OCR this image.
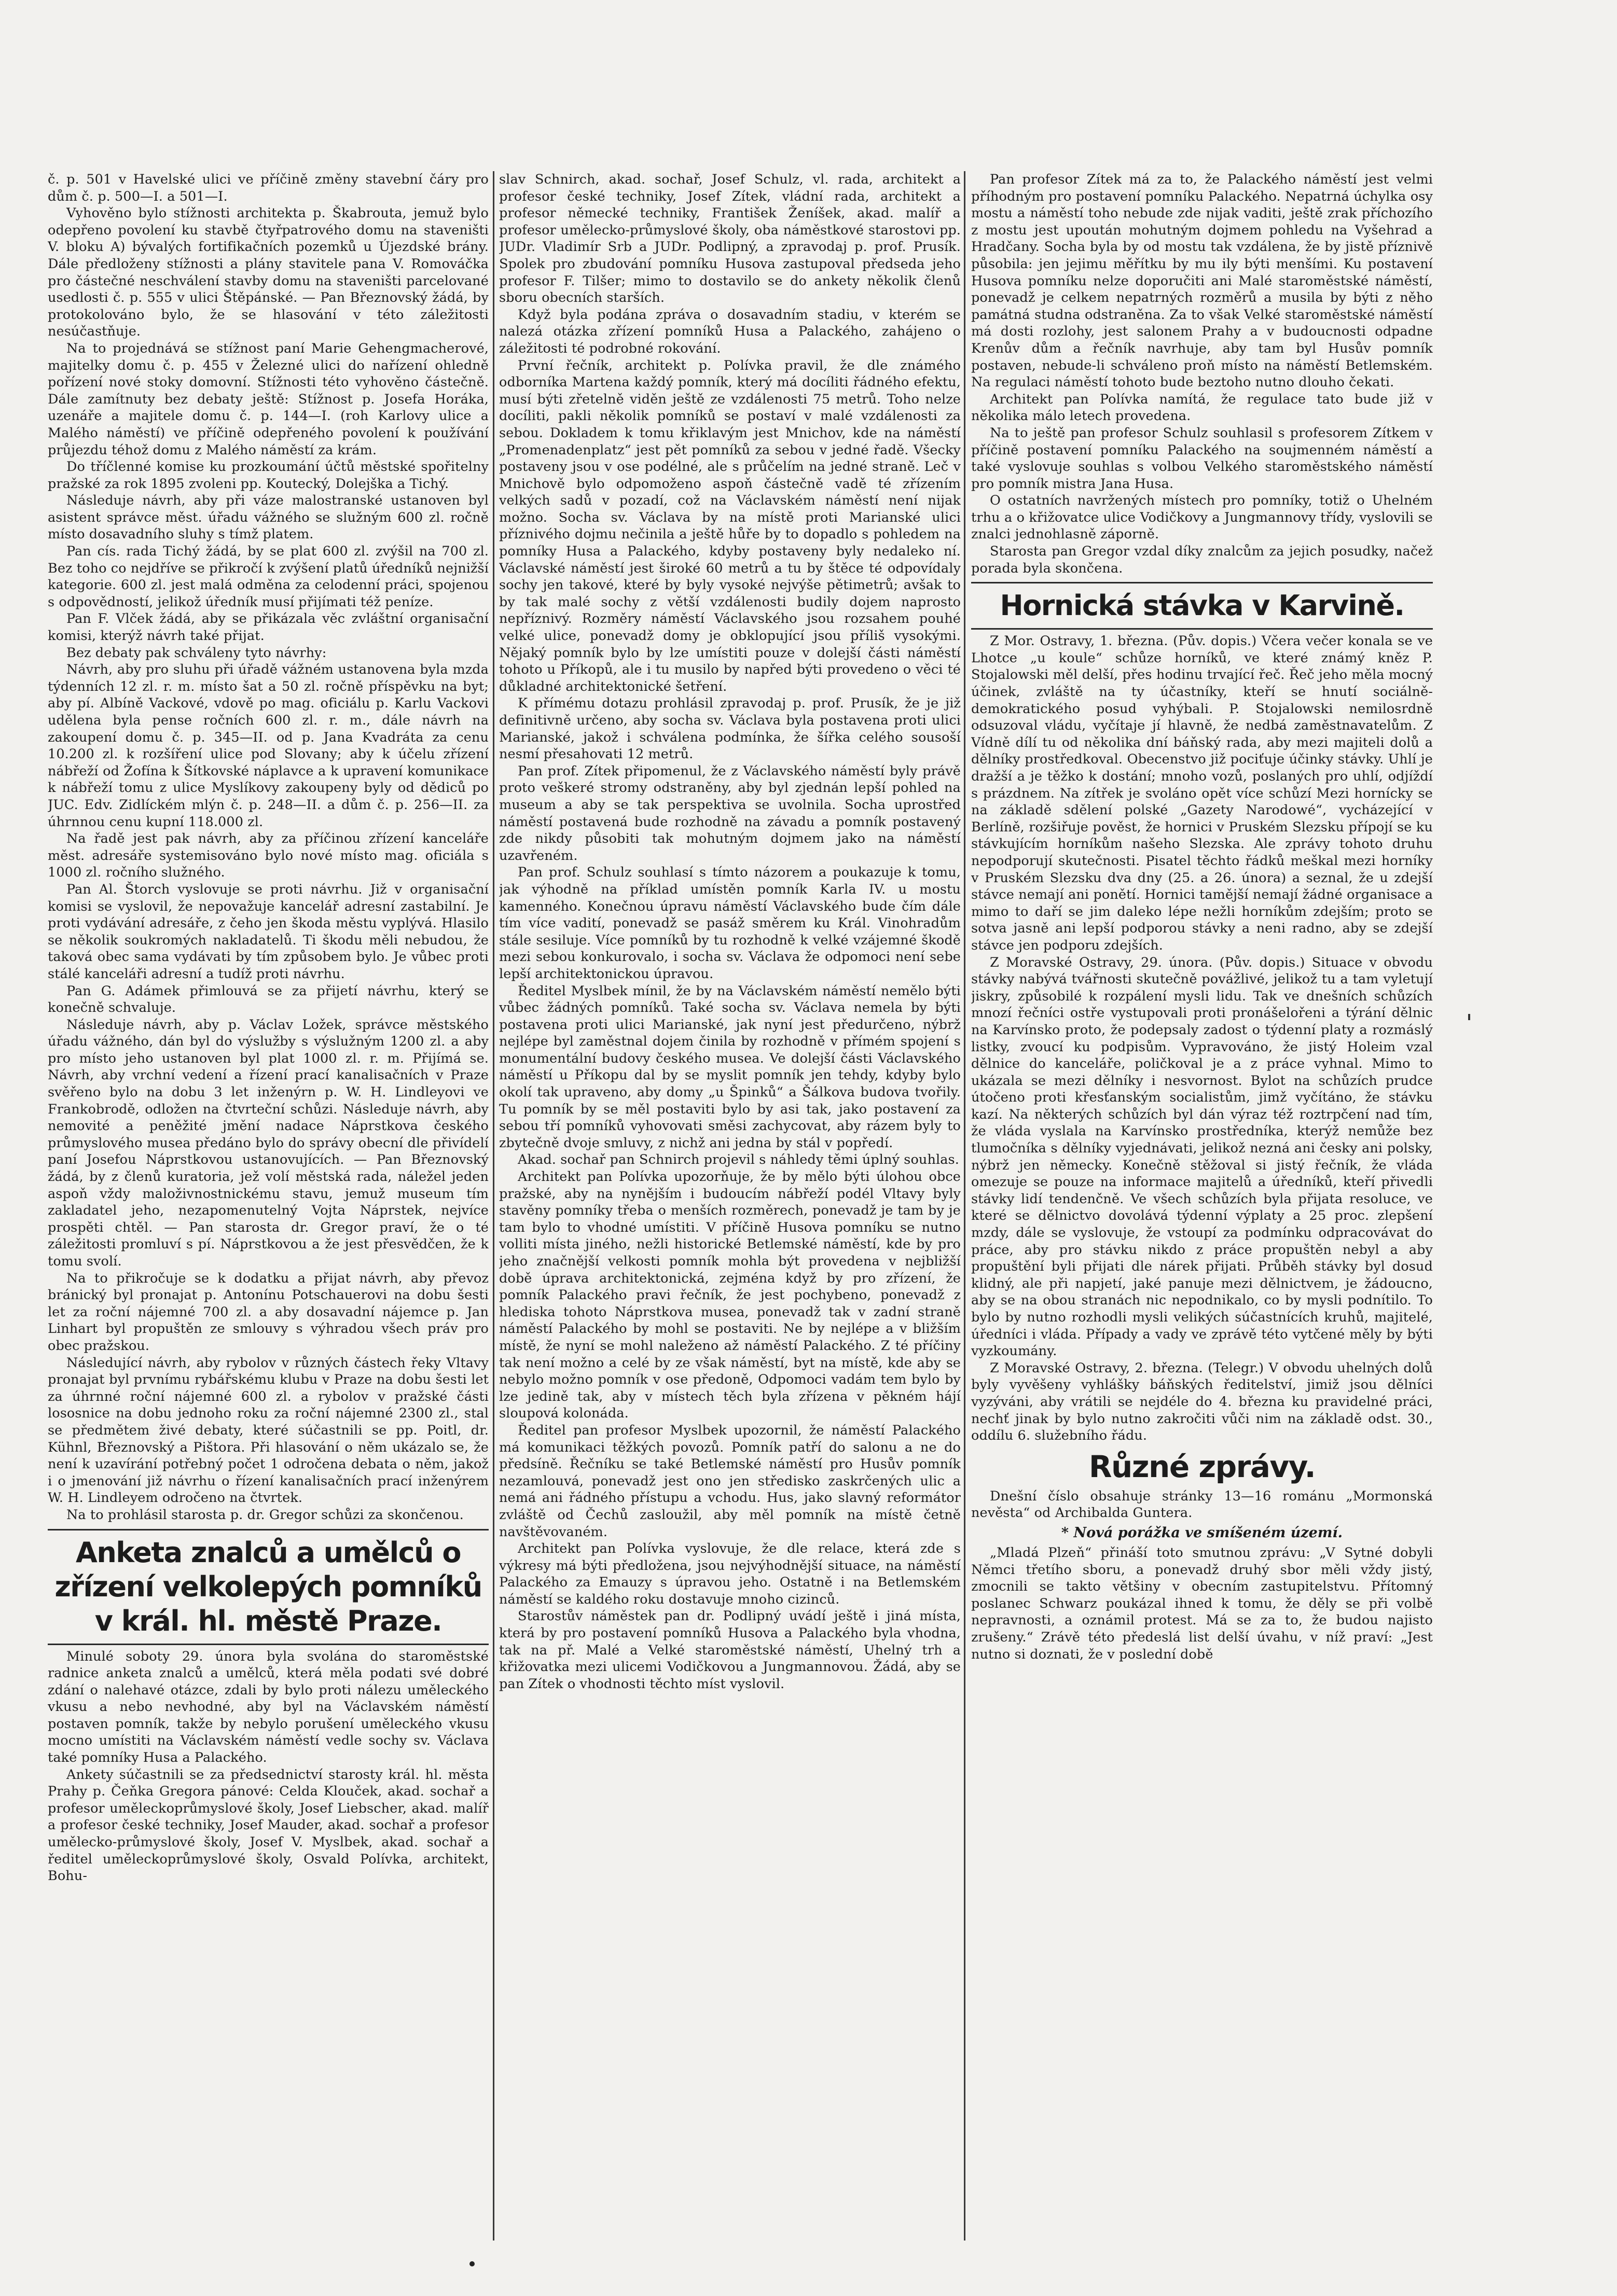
č. p. 501 v Havelské ulici ve příčině změny stavební čáry pro dům č. p. 500—I. a 501—I.

Vyhověno bylo stížnosti architekta p. Škabrouta, jemuž bylo odepřeno povolení ku stavbě čtyřpatrového domu na staveništi V. bloku A) bývalých fortifikačních pozemků u Újezdské brány. Dále předloženy stížnosti a plány stavitele pana V. Romováčka pro částečné neschválení stavby domu na staveništi parcelované usedlosti č. p. 555 v ulici Štěpánské. — Pan Březnovský žádá, by protokolováno bylo, že se hlasování v této záležitosti nesúčastňuje.

Na to projednává se stížnost paní Marie Gehengmacherové, majitelky domu č. p. 455 v Železné ulici do nařízení ohledně pořízení nové stoky domovní. Stížnosti této vyhověno částečně. Dále zamítnuty bez debaty ještě: Stížnost p. Josefa Horáka, uzenáře a majitele domu č. p. 144—I. (roh Karlovy ulice a Malého náměstí) ve příčině odepřeného povolení k používání průjezdu téhož domu z Malého náměstí za krám.

Do tříčlenné komise ku prozkoumání účtů městské spořitelny pražské za rok 1895 zvoleni pp. Koutecký, Dolejška a Tichý.

Následuje návrh, aby při váze malostranské ustanoven byl asistent správce měst. úřadu vážného se služným 600 zl. ročně místo dosavadního sluhy s tímž platem.

Pan cís. rada Tichý žádá, by se plat 600 zl. zvýšil na 700 zl. Bez toho co nejdříve se přikročí k zvýšení platů úředníků nejnižší kategorie. 600 zl. jest malá odměna za celodenní práci, spojenou s odpovědností, jelikož úředník musí přijímati též peníze.

Pan F. Vlček žádá, aby se přikázala věc zvláštní organisační komisi, kterýž návrh také přijat.

Bez debaty pak schváleny tyto návrhy:

Návrh, aby pro sluhu při úřadě vážném ustanovena byla mzda týdenních 12 zl. r. m. místo šat a 50 zl. ročně příspěvku na byt; aby pí. Albíně Vackové, vdově po mag. oficiálu p. Karlu Vackovi udělena byla pense ročních 600 zl. r. m., dále návrh na zakoupení domu č. p. 345—II. od p. Jana Kvadráta za cenu 10.200 zl. k rozšíření ulice pod Slovany; aby k účelu zřízení nábřeží od Žofína k Šítkovské náplavce a k upravení komunikace k nábřeží tomu z ulice Myslíkovy zakoupeny byly od dědiců po JUC. Edv. Zidlíckém mlýn č. p. 248—II. a dům č. p. 256—II. za úhrnnou cenu kupní 118.000 zl.

Na řadě jest pak návrh, aby za příčinou zřízení kanceláře měst. adresáře systemisováno bylo nové místo mag. oficiála s 1000 zl. ročního služného.

Pan Al. Štorch vyslovuje se proti návrhu. Již v organisační komisi se vyslovil, že nepovažuje kancelář adresní zastabilní. Je proti vydávání adresáře, z čeho jen škoda městu vyplývá. Hlasilo se několik soukromých nakladatelů. Ti škodu měli nebudou, že taková obec sama vydávati by tím způsobem bylo. Je vůbec proti stálé kanceláři adresní a tudíž proti návrhu.

Pan G. Adámek přimlouvá se za přijetí návrhu, který se konečně schvaluje.

Následuje návrh, aby p. Václav Ložek, správce městského úřadu vážného, dán byl do výslužby s výslužným 1200 zl. a aby pro místo jeho ustanoven byl plat 1000 zl. r. m. Přijímá se. Návrh, aby vrchní vedení a řízení prací kanalisačních v Praze svěřeno bylo na dobu 3 let inženýrn p. W. H. Lindleyovi ve Frankobrodě, odložen na čtvrteční schůzi. Následuje návrh, aby nemovité a peněžité jmění nadace Náprstkova českého průmyslového musea předáno bylo do správy obecní dle přivídelí paní Josefou Náprstkovou ustanovujících. — Pan Březnovský žádá, by z členů kuratoria, jež volí městská rada, náležel jeden aspoň vždy maloživnostnickému stavu, jemuž museum tím zakladatel jeho, nezapomenutelný Vojta Náprstek, nejvíce prospěti chtěl. — Pan starosta dr. Gregor praví, že o té záležitosti promluví s pí. Náprstkovou a že jest přesvědčen, že k tomu svolí.

Na to přikročuje se k dodatku a přijat návrh, aby převoz bránický byl pronajat p. Antonínu Potschauerovi na dobu šesti let za roční nájemné 700 zl. a aby dosavadní nájemce p. Jan Linhart byl propuštěn ze smlouvy s výhradou všech práv pro obec pražskou.

Následující návrh, aby rybolov v různých částech řeky Vltavy pronajat byl prvnímu rybářskému klubu v Praze na dobu šesti let za úhrnné roční nájemné 600 zl. a rybolov v pražské části lososnice na dobu jednoho roku za roční nájemné 2300 zl., stal se předmětem živé debaty, které súčastnili se pp. Poitl, dr. Kühnl, Březnovský a Pištora. Při hlasování o něm ukázalo se, že není k uzavírání potřebný počet 1 odročena debata o něm, jakož i o jmenování již návrhu o řízení kanalisačních prací inženýrem W. H. Lindleyem odročeno na čtvrtek.

Na to prohlásil starosta p. dr. Gregor schůzi za skončenou.

Anketa znalců a umělců o zřízení velkolepých pomníků v král. hl. městě Praze.

Minulé soboty 29. února byla svolána do staroměstské radnice anketa znalců a umělců, která měla podati své dobré zdání o nalehavé otázce, zdali by bylo proti nálezu uměleckého vkusu a nebo nevhodné, aby byl na Václavském náměstí postaven pomník, takže by nebylo porušení uměleckého vkusu mocno umístiti na Václavském náměstí vedle sochy sv. Václava také pomníky Husa a Palackého.

Ankety súčastnili se za předsednictví starosty král. hl. města Prahy p. Čeňka Gregora pánové: Celda Klouček, akad. sochař a profesor uměleckoprůmyslové školy, Josef Liebscher, akad. malíř a profesor české techniky, Josef Mauder, akad. sochař a profesor umělecko-průmyslové školy, Josef V. Myslbek, akad. sochař a ředitel uměleckoprůmyslové školy, Osvald Polívka, architekt, Bohu-

slav Schnirch, akad. sochař, Josef Schulz, vl. rada, architekt a profesor české techniky, Josef Zítek, vládní rada, architekt a profesor německé techniky, František Ženíšek, akad. malíř a profesor umělecko-průmyslové školy, oba náměstkové starostovi pp. JUDr. Vladimír Srb a JUDr. Podlipný, a zpravodaj p. prof. Prusík. Spolek pro zbudování pomníku Husova zastupoval předseda jeho profesor F. Tilšer; mimo to dostavilo se do ankety několik členů sboru obecních starších.

Když byla podána zpráva o dosavadním stadiu, v kterém se nalezá otázka zřízení pomníků Husa a Palackého, zahájeno o záležitosti té podrobné rokování.

První řečník, architekt p. Polívka pravil, že dle známého odborníka Martena každý pomník, který má docíliti řádného efektu, musí býti zřetelně viděn ještě ze vzdálenosti 75 metrů. Toho nelze docíliti, pakli několik pomníků se postaví v malé vzdálenosti za sebou. Dokladem k tomu křiklavým jest Mnichov, kde na náměstí „Promenadenplatz“ jest pět pomníků za sebou v jedné řadě. Všecky postaveny jsou v ose podélné, ale s průčelím na jedné straně. Leč v Mnichově bylo odpomoženo aspoň částečně vadě té zřízením velkých sadů v pozadí, což na Václavském náměstí není nijak možno. Socha sv. Václava by na místě proti Marianské ulici příznivého dojmu nečinila a ještě hůře by to dopadlo s pohledem na pomníky Husa a Palackého, kdyby postaveny byly nedaleko ní. Václavské náměstí jest široké 60 metrů a tu by štěce té odpovídaly sochy jen takové, které by byly vysoké nejvýše pětimetrů; avšak to by tak malé sochy z větší vzdálenosti budily dojem naprosto nepříznivý. Rozměry náměstí Václavského jsou rozsahem pouhé velké ulice, ponevadž domy je obklopující jsou příliš vysokými. Nějaký pomník bylo by lze umístiti pouze v dolejší části náměstí tohoto u Příkopů, ale i tu musilo by napřed býti provedeno o věci té důkladné architektonické šetření.

K přímému dotazu prohlásil zpravodaj p. prof. Prusík, že je již definitivně určeno, aby socha sv. Václava byla postavena proti ulici Marianské, jakož i schválena podmínka, že šířka celého sousoší nesmí přesahovati 12 metrů.

Pan prof. Zítek připomenul, že z Václavského náměstí byly právě proto veškeré stromy odstraněny, aby byl zjednán lepší pohled na museum a aby se tak perspektiva se uvolnila. Socha uprostřed náměstí postavená bude rozhodně na závadu a pomník postavený zde nikdy působiti tak mohutným dojmem jako na náměstí uzavřeném.

Pan prof. Schulz souhlasí s tímto názorem a poukazuje k tomu, jak výhodně na příklad umístěn pomník Karla IV. u mostu kamenného. Konečnou úpravu náměstí Václavského bude čím dále tím více vadití, ponevadž se pasáž směrem ku Král. Vinohradům stále sesiluje. Více pomníků by tu rozhodně k velké vzájemné škodě mezi sebou konkurovalo, i socha sv. Václava že odpomoci není sebe lepší architektonickou úpravou.

Ředitel Myslbek mínil, že by na Václavském náměstí nemělo býti vůbec žádných pomníků. Také socha sv. Václava nemela by býti postavena proti ulici Marianské, jak nyní jest předurčeno, nýbrž nejlépe byl zaměstnal dojem činila by rozhodně v přímém spojení s monumentální budovy českého musea. Ve dolejší části Václavského náměstí u Příkopu dal by se myslit pomník jen tehdy, kdyby bylo okolí tak upraveno, aby domy „u Špinků“ a Šálkova budova tvořily. Tu pomník by se měl postaviti bylo by asi tak, jako postavení za sebou tří pomníků vyhovovati směsi zachycovat, aby rázem byly to zbytečně dvoje smluvy, z nichž ani jedna by stál v popředí.

Akad. sochař pan Schnirch projevil s náhledy těmi úplný souhlas.

Architekt pan Polívka upozorňuje, že by mělo býti úlohou obce pražské, aby na nynějším i budoucím nábřeží podél Vltavy byly stavěny pomníky třeba o menších rozměrech, ponevadž je tam by je tam bylo to vhodné umístiti. V příčině Husova pomníku se nutno volliti místa jiného, nežli historické Betlemské náměstí, kde by pro jeho značnější velkosti pomník mohla být provedena v nejbližší době úprava architektonická, zejména když by pro zřízení, že pomník Palackého pravi řečník, že jest pochybeno, ponevadž z hlediska tohoto Náprstkova musea, ponevadž tak v zadní straně náměstí Palackého by mohl se postaviti. Ne by nejlépe a v bližším místě, že nyní se mohl naleženo až náměstí Palackého. Z té příčiny tak není možno a celé by ze však náměstí, byt na místě, kde aby se nebylo možno pomník v ose předoně, Odpomoci vadám tem bylo by lze jedině tak, aby v místech těch byla zřízena v pěkném hájí sloupová kolonáda.

Ředitel pan profesor Myslbek upozornil, že náměstí Palackého má komunikaci těžkých povozů. Pomník patří do salonu a ne do předsíně. Řečníku se také Betlemské náměstí pro Husův pomník nezamlouvá, ponevadž jest ono jen středisko zaskrčených ulic a nemá ani řádného přístupu a vchodu. Hus, jako slavný reformátor zvláště od Čechů zasloužil, aby měl pomník na místě četně navštěvovaném.

Architekt pan Polívka vyslovuje, že dle relace, která zde s výkresy má býti předložena, jsou nejvýhodnější situace, na náměstí Palackého za Emauzy s úpravou jeho. Ostatně i na Betlemském náměstí se kaldého roku dostavuje mnoho cizinců.

Starostův náměstek pan dr. Podlipný uvádí ještě i jiná místa, která by pro postavení pomníků Husova a Palackého byla vhodna, tak na př. Malé a Velké staroměstské náměstí, Uhelný trh a křižovatka mezi ulicemi Vodičkovou a Jungmannovou. Žádá, aby se pan Zítek o vhodnosti těchto míst vyslovil.

Pan profesor Zítek má za to, že Palackého náměstí jest velmi příhodným pro postavení pomníku Palackého. Nepatrná úchylka osy mostu a náměstí toho nebude zde nijak vaditi, ještě zrak příchozího z mostu jest upoután mohutným dojmem pohledu na Vyšehrad a Hradčany. Socha byla by od mostu tak vzdálena, že by jistě příznivě působila: jen jejimu měřítku by mu ily býti menšími. Ku postavení Husova pomníku nelze doporučiti ani Malé staroměstské náměstí, ponevadž je celkem nepatrných rozměrů a musila by býti z něho památná studna odstraněna. Za to však Velké staroměstské náměstí má dosti rozlohy, jest salonem Prahy a v budoucnosti odpadne Krenův dům a řečník navrhuje, aby tam byl Husův pomník postaven, nebude-li schváleno proň místo na náměstí Betlemském. Na regulaci náměstí tohoto bude beztoho nutno dlouho čekati.

Architekt pan Polívka namítá, že regulace tato bude již v několika málo letech provedena.

Na to ještě pan profesor Schulz souhlasil s profesorem Zítkem v příčině postavení pomníku Palackého na soujmenném náměstí a také vyslovuje souhlas s volbou Velkého staroměstského náměstí pro pomník mistra Jana Husa.

O ostatních navržených místech pro pomníky, totiž o Uhelném trhu a o křižovatce ulice Vodičkovy a Jungmannovy třídy, vyslovili se znalci jednohlasně záporně.

Starosta pan Gregor vzdal díky znalcům za jejich posudky, načež porada byla skončena.

Hornická stávka v Karvině.

Z Mor. Ostravy, 1. března. (Pův. dopis.) Včera večer konala se ve Lhotce „u koule“ schůze horníků, ve které známý kněz P. Stojalowski měl delší, přes hodinu trvající řeč. Řeč jeho měla mocný účinek, zvláště na ty účastníky, kteří se hnutí sociálně-demokratického posud vyhýbali. P. Stojalowski nemilosrdně odsuzoval vládu, vyčítaje jí hlavně, že nedbá zaměstnavatelům. Z Vídně dílí tu od několika dní báňský rada, aby mezi majiteli dolů a dělníky prostředkoval. Obecenstvo již pociťuje účinky stávky. Uhlí je dražší a je těžko k dostání; mnoho vozů, poslaných pro uhlí, odjíždí s prázdnem. Na zítřek je svoláno opět více schůzí Mezi hornícky se na základě sdělení polské „Gazety Narodowé“, vycházející v Berlíně, rozšiřuje pověst, že hornici v Pruském Slezsku přípojí se ku stávkujícím horníkům našeho Slezska. Ale zprávy tohoto druhu nepodporují skutečnosti. Pisatel těchto řádků meškal mezi horníky v Pruském Slezsku dva dny (25. a 26. února) a seznal, že u zdejší stávce nemají ani ponětí. Hornici tamější nemají žádné organisace a mimo to daří se jim daleko lépe nežli horníkům zdejším; proto se sotva jasně ani lepší podporou stávky a neni radno, aby se zdejší stávce jen podporu zdejších.

Z Moravské Ostravy, 29. února. (Pův. dopis.) Situace v obvodu stávky nabývá tvářnosti skutečně povážlivé, jelikož tu a tam vyletují jiskry, způsobilé k rozpálení mysli lidu. Tak ve dnešních schůzích mnozí řečníci ostře vystupovali proti pronášelořeni a týrání dělnic na Karvínsko proto, že podepsaly zadost o týdenní platy a rozmáslý listky, zvoucí ku podpisům. Vypravováno, že jistý Holeim vzal dělnice do kanceláře, poličkoval je a z práce vyhnal. Mimo to ukázala se mezi dělníky i nesvornost. Bylot na schůzích prudce útočeno proti křesťanským socialistům, jimž vyčítáno, že stávku kazí. Na některých schůzích byl dán výraz též roztrpčení nad tím, že vláda vyslala na Karvínsko prostředníka, kterýž nemůže bez tlumočníka s dělníky vyjednávati, jelikož nezná ani česky ani polsky, nýbrž jen německy. Konečně stěžoval si jistý řečník, že vláda omezuje se pouze na informace majitelů a úředníků, kteří přivedli stávky lidí tendenčně. Ve všech schůzích byla přijata resoluce, ve které se dělnictvo dovolává týdenní výplaty a 25 proc. zlepšení mzdy, dále se vyslovuje, že vstoupí za podmínku odpracovávat do práce, aby pro stávku nikdo z práce propuštěn nebyl a aby propuštění byli přijati dle nárek přijati. Průběh stávky byl dosud klidný, ale při napjetí, jaké panuje mezi dělnictvem, je žádoucno, aby se na obou stranách nic nepodnikalo, co by mysli podnítilo. To bylo by nutno rozhodli mysli velikých súčastnících kruhů, majitelé, úředníci i vláda. Případy a vady ve zprávě této vytčené měly by býti vyzkoumány.

Z Moravské Ostravy, 2. března. (Telegr.) V obvodu uhelných dolů byly vyvěšeny vyhlášky báňských ředitelství, jimiž jsou dělníci vyzýváni, aby vrátili se nejdéle do 4. března ku pravidelné práci, nechť jinak by bylo nutno zakročiti vůči nim na základě odst. 30., oddílu 6. služebního řádu.

Různé zprávy.

Dnešní číslo obsahuje stránky 13—16 románu „Mormonská nevěsta“ od Archibalda Guntera.

* Nová porážka ve smíšeném území.

„Mladá Plzeň“ přináší toto smutnou zprávu: „V Sytné dobyli Němci třetího sboru, a ponevadž druhý sbor měli vždy jistý, zmocnili se takto většiny v obecním zastupitelstvu. Přítomný poslanec Schwarz poukázal ihned k tomu, že děly se při volbě nepravnosti, a oznámil protest. Má se za to, že budou najisto zrušeny.“ Zrávě této předeslá list delší úvahu, v níž praví: „Jest nutno si doznati, že v poslední době
